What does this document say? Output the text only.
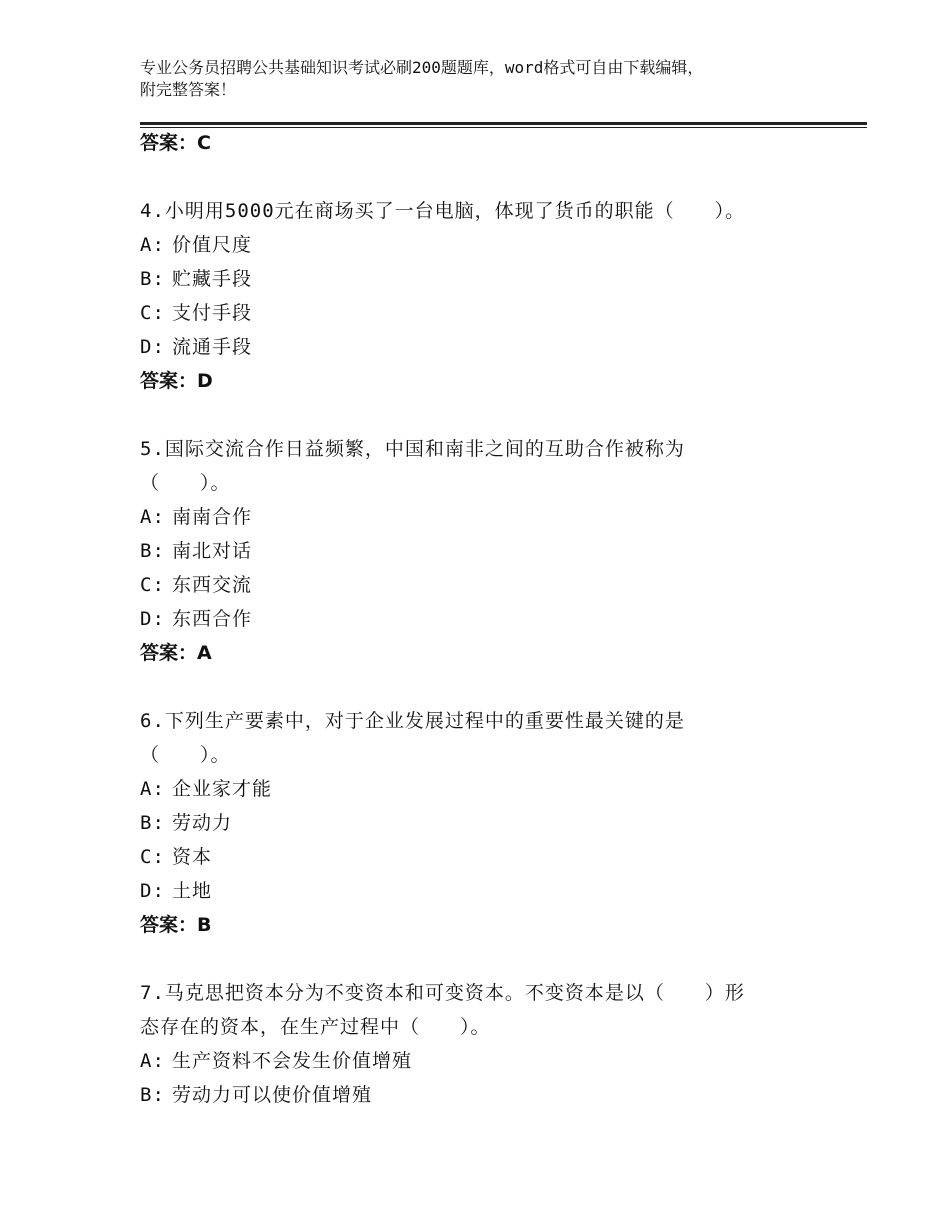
专业公务员招聘公共基础知识考试必刷200题题库，word格式可自由下载编辑，
附完整答案！
答案：C
4.小明用5000元在商场买了一台电脑，体现了货币的职能（　　）。
A: 价值尺度
B: 贮藏手段
C: 支付手段
D: 流通手段
答案：D
5.国际交流合作日益频繁，中国和南非之间的互助合作被称为
（　　）。
A: 南南合作
B: 南北对话
C: 东西交流
D: 东西合作
答案：A
6.下列生产要素中，对于企业发展过程中的重要性最关键的是
（　　）。
A: 企业家才能
B: 劳动力
C: 资本
D: 土地
答案：B
7.马克思把资本分为不变资本和可变资本。不变资本是以（　　）形
态存在的资本，在生产过程中（　　）。
A: 生产资料不会发生价值增殖
B: 劳动力可以使价值增殖
